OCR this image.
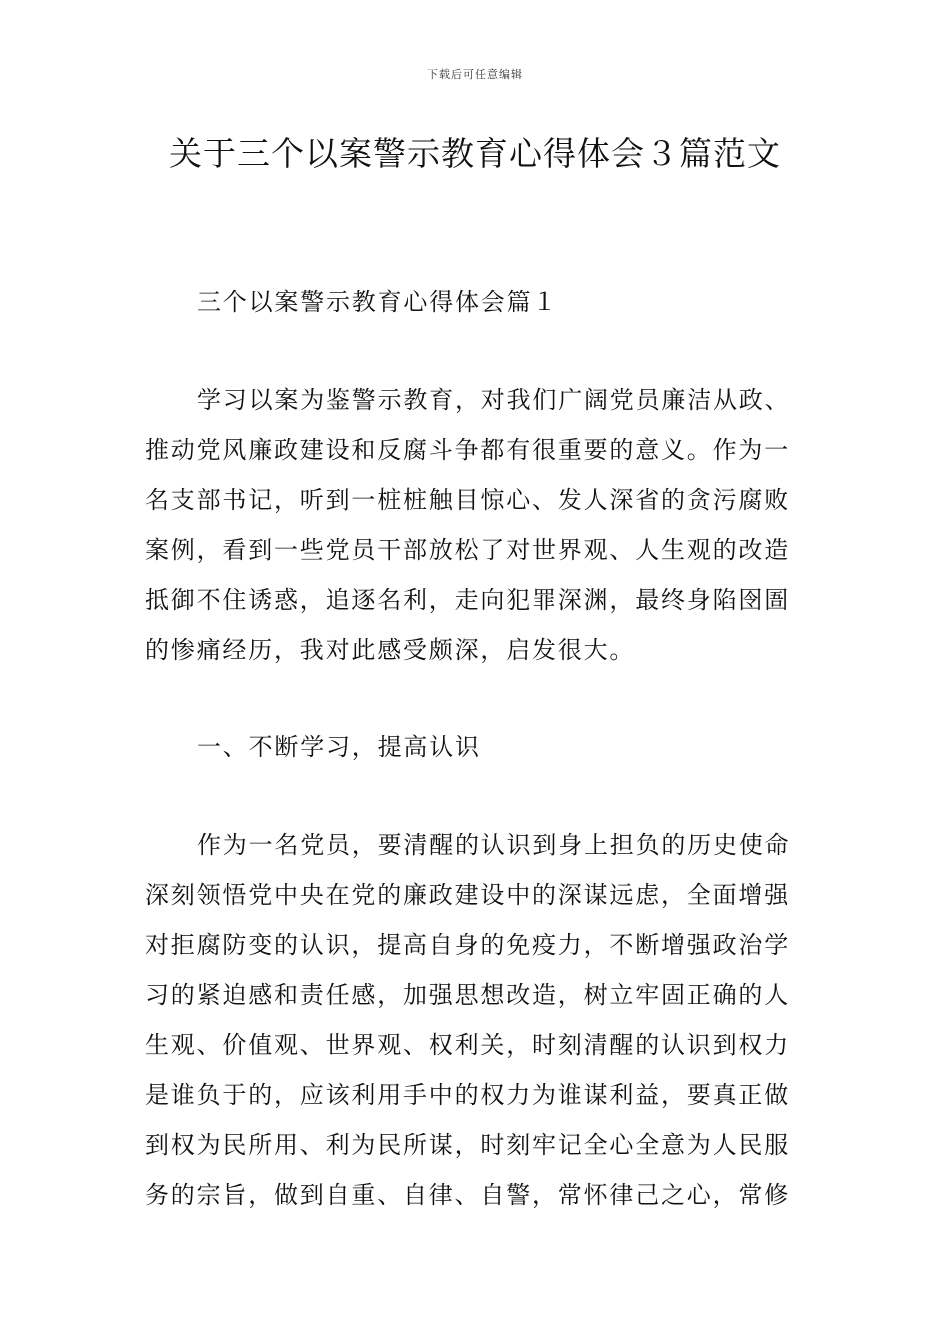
下载后可任意编辑
关于三个以案警示教育心得体会３篇范文
三个以案警示教育心得体会篇１
学习以案为鉴警示教育，对我们广阔党员廉洁从政、
推动党风廉政建设和反腐斗争都有很重要的意义。作为一
名支部书记，听到一桩桩触目惊心、发人深省的贪污腐败
案例，看到一些党员干部放松了对世界观、人生观的改造
抵御不住诱惑，追逐名利，走向犯罪深渊，最终身陷囹圄
的惨痛经历，我对此感受颇深，启发很大。
一、不断学习，提高认识
作为一名党员，要清醒的认识到身上担负的历史使命
深刻领悟党中央在党的廉政建设中的深谋远虑，全面增强
对拒腐防变的认识，提高自身的免疫力，不断增强政治学
习的紧迫感和责任感，加强思想改造，树立牢固正确的人
生观、价值观、世界观、权利关，时刻清醒的认识到权力
是谁负于的，应该利用手中的权力为谁谋利益，要真正做
到权为民所用、利为民所谋，时刻牢记全心全意为人民服
务的宗旨，做到自重、自律、自警，常怀律己之心，常修
